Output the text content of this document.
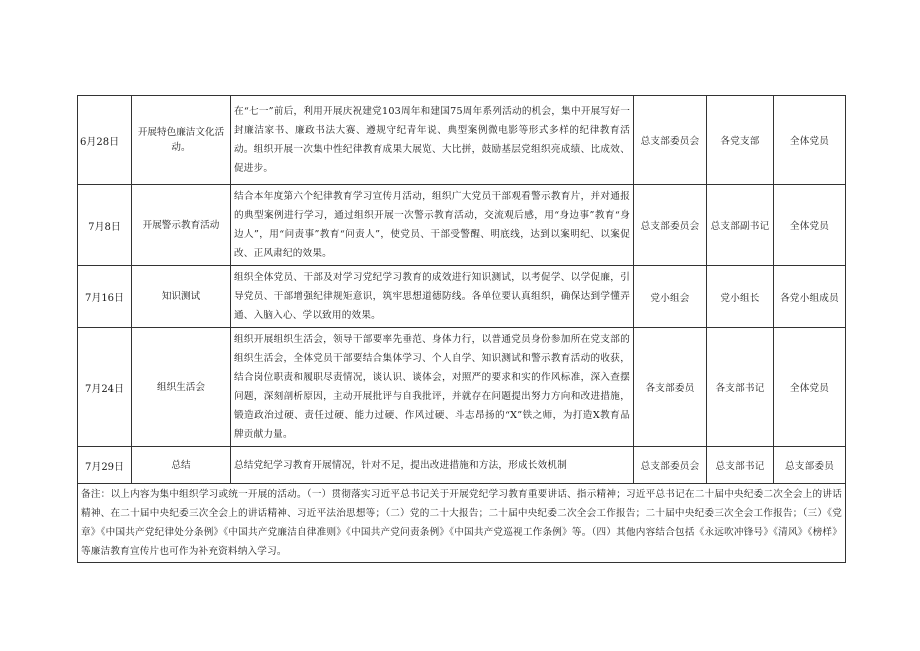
6月28日	开展特色廉洁文化活动。	在“七一”前后，利用开展庆祝建党103周年和建国75周年系列活动的机会，集中开展写好一封廉洁家书、廉政书法大赛、遵规守纪青年说、典型案例微电影等形式多样的纪律教育活动。组织开展一次集中性纪律教育成果大展览、大比拼，鼓励基层党组织亮成绩、比成效、促进步。	总支部委员会	各党支部	全体党员
7月8日	开展警示教育活动	结合本年度第六个纪律教育学习宣传月活动，组织广大党员干部观看警示教育片，并对通报的典型案例进行学习，通过组织开展一次警示教育活动，交流观后感，用“身边事”教育“身边人”，用“问责事”教育“问责人”，使党员、干部受警醒、明底线，达到以案明纪、以案促改、正风肃纪的效果。	总支部委员会	总支部副书记	全体党员
7月16日	知识测试	组织全体党员、干部及对学习党纪学习教育的成效进行知识测试，以考促学、以学促廉，引导党员、干部增强纪律规矩意识，筑牢思想道德防线。各单位要认真组织，确保达到学懂弄通、入脑入心、学以致用的效果。	党小组会	党小组长	各党小组成员
7月24日	组织生活会	组织开展组织生活会，领导干部要率先垂范、身体力行，以普通党员身份参加所在党支部的组织生活会，全体党员干部要结合集体学习、个人自学、知识测试和警示教育活动的收获，结合岗位职责和履职尽责情况，谈认识、谈体会，对照严的要求和实的作风标准，深入查摆问题，深刻剖析原因，主动开展批评与自我批评，并就存在问题提出努力方向和改进措施，锻造政治过硬、责任过硬、能力过硬、作风过硬、斗志昂扬的“X”铁之师，为打造X教育品牌贡献力量。	各支部委员	各支部书记	全体党员
7月29日	总结	总结党纪学习教育开展情况，针对不足，提出改进措施和方法，形成长效机制	总支部委员会	总支部书记	总支部委员
备注：以上内容为集中组织学习或统一开展的活动。（一）贯彻落实习近平总书记关于开展党纪学习教育重要讲话、指示精神；习近平总书记在二十届中央纪委二次全会上的讲话精神、在二十届中央纪委三次全会上的讲话精神、习近平法治思想等；（二）党的二十大报告；二十届中央纪委二次全会工作报告；二十届中央纪委三次全会工作报告；（三）《党章》《中国共产党纪律处分条例》《中国共产党廉洁自律准则》《中国共产党问责条例》《中国共产党巡视工作条例》等。（四）其他内容结合包括《永远吹冲锋号》《清风》《榜样》等廉洁教育宣传片也可作为补充资料纳入学习。					
